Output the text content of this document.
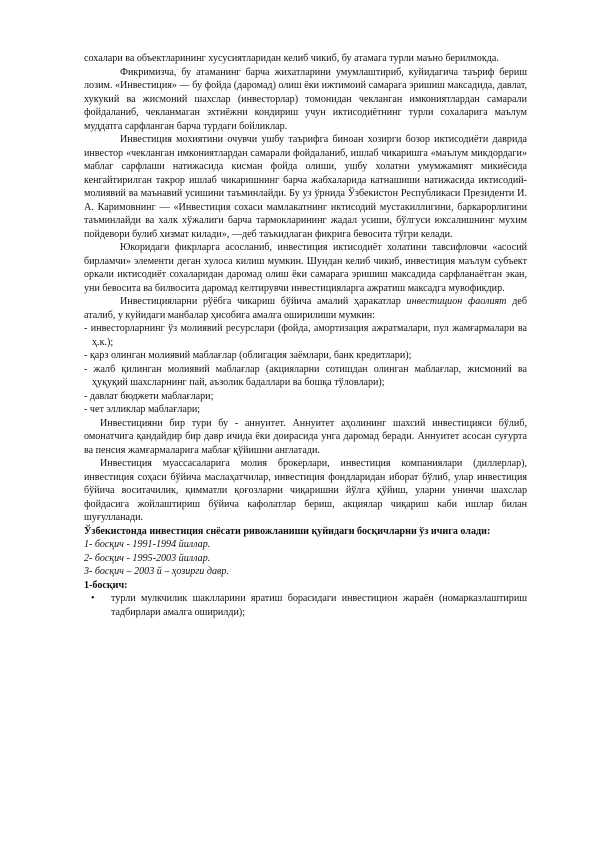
сохалари ва объектларининг хусусиятларидан келиб чикиб, бу атамага турли маъно берилмокда.

Фикримизча, бу атаманинг барча жихатларини умумлаштириб, куйидагича таъриф бериш лозим. «Инвестиция» — бу фойда (даромад) олиш ёки ижтимоий самарага эришиш максадида, давлат, хукукий ва жисмоний шахслар (инвесторлар) томонидан чекланган имкониятлардан самарали фойдаланиб, чекланмаган эхтиёжни кондириш учун иктисодиётнинг турли сохаларига маълум муддатга сарфланган барча турдаги бойликлар.

Инвестиция мохиятини очувчи ушбу таърифга биноан хозирги бозор иктисодиёти даврида инвестор «чекланган имкониятлардан самарали фойдаланиб, ишлаб чикаришга «маълум микдордаги» маблаг сарфлаши натижасида кисман фойда олиши, ушбу холатни умумжамият микиёсида кенгайтирилган такрор ишлаб чикаришнинг барча жабхаларида катнашиши натижасида иктисодий-молиявий ва маънавий усишини таъминлайди. Бу уз ўрнида Ўзбекистон Республикаси Президенти И. А. Каримовнинг — «Инвестиция сохаси мамлакатнинг иктисодий мустакиллигини, баркарорлигини таъминлайди ва халк хўжалиги барча тармокларининг жадал усиши, бўлгуси юксалишнинг мухим пойдевори булиб хизмат килади», —деб таъкидлаган фикрига бевосита тўгри келади.

Юкоридаги фикрларга асосланиб, инвестиция иктисодиёт холатини тавсифловчи «асосий бирламчи» элементи деган хулоса килиш мумкин. Шундан келиб чикиб, инвестиция маълум субъект оркали иктисодиёт сохаларидан даромад олиш ёки самарага эришиш максадида сарфланаётган экан, уни бевосита ва билвосита даромад келтирувчи инвестицияларга ажратиш максадга мувофикдир.

Инвестицияларни рўёбга чикариш бўйича амалий ҳаракатлар инвестицион фаолият деб аталиб, у куйидаги манбалар ҳисобига амалга оширилиши мумкин:

- инвесторларнинг ўз молиявий ресурслари (фойда, амортизация ажратмалари, пул жамғармалари ва ҳ.к.);

- қарз олинган молиявий маблағлар (облигация заёмлари, банк кредитлари);

- жалб қилинган молиявий маблағлар (акцияларни сотишдан олинган маблағлар, жисмоний ва ҳуқуқий шахсларнинг пай, аъзолик бадаллари ва бошқа тўловлари);

- давлат бюджети маблағлари;

- чет элликлар маблағлари;

Инвестицияни бир тури бу - аннуитет. Аннуитет аҳолининг шахсий инвестицияси бўлиб, омонатчига қандайдир бир давр ичида ёки доирасида унга даромад беради. Аннуитет асосан суғурта ва пенсия жамғармаларига маблағ қўйишни англатади.

Инвестиция муассасаларига молия брокерлари, инвестиция компаниялари (диллерлар), инвестиция соҳаси бўйича маслаҳатчилар, инвестиция фондларидан иборат бўлиб, улар инвестиция бўйича воситачилик, қимматли қоғозларни чиқаришни йўлга қўйиш, уларни унинчи шахслар фойдасига жойлаштириш бўйича кафолатлар бериш, акциялар чиқариш каби ишлар билан шуғулланади.

Ўзбекистонда инвестиция снёсати ривожланиши қуйидаги босқичларни ўз ичига олади:

1- босқич - 1991-1994 йиллар.

2- босқич - 1995-2003 йиллар.

3- босқич – 2003 й – ҳозирги давр.

1-босқич:

• турли мулкчилик шаклларини яратиш борасидаги инвестицион жараён (номарказлаштириш тадбирлари амалга оширилди);
